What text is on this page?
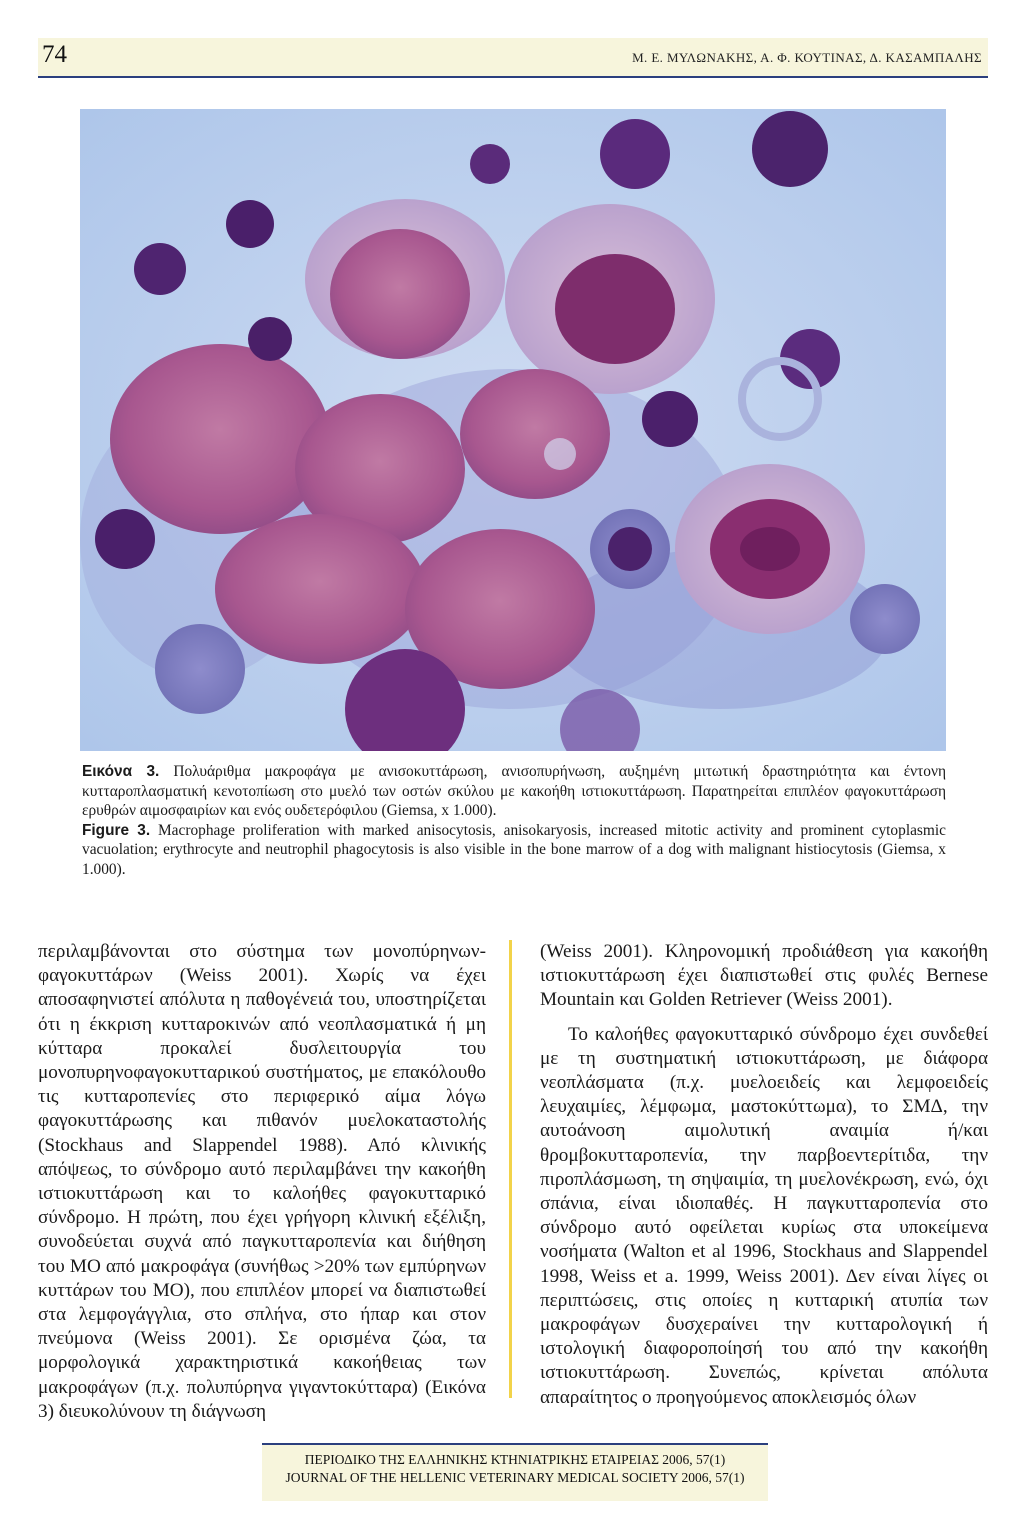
74	Μ. Ε. ΜΥΛΩΝΑΚΗΣ, Α. Φ. ΚΟΥΤΙΝΑΣ, Δ. ΚΑΣΑΜΠΑΛΗΣ

Εικόνα 3. Πολυάριθμα μακροφάγα με ανισοκυττάρωση, ανισοπυρήνωση, αυξημένη μιτωτική δραστηριότητα και έντονη κυτταροπλασματική κενοτοπίωση στο μυελό των οστών σκύλου με κακοήθη ιστιοκυττάρωση. Παρατηρείται επιπλέον φαγοκυττάρωση ερυθρών αιμοσφαιρίων και ενός ουδετερόφιλου (Giemsa, x 1.000).

Figure 3. Macrophage proliferation with marked anisocytosis, anisokaryosis, increased mitotic activity and prominent cytoplasmic vacuolation; erythrocyte and neutrophil phagocytosis is also visible in the bone marrow of a dog with malignant histiocytosis (Giemsa, x 1.000).

περιλαμβάνονται στο σύστημα των μονοπύρηνων-φαγοκυττάρων (Weiss 2001). Χωρίς να έχει αποσαφηνιστεί απόλυτα η παθογένειά του, υποστηρίζεται ότι η έκκριση κυτταροκινών από νεοπλασματικά ή μη κύτταρα προκαλεί δυσλειτουργία του μονοπυρηνοφαγοκυτταρικού συστήματος, με επακόλουθο τις κυτταροπενίες στο περιφερικό αίμα λόγω φαγοκυττάρωσης και πιθανόν μυελοκαταστολής (Stockhaus and Slappendel 1988). Από κλινικής απόψεως, το σύνδρομο αυτό περιλαμβάνει την κακοήθη ιστιοκυττάρωση και το καλοήθες φαγοκυτταρικό σύνδρομο. Η πρώτη, που έχει γρήγορη κλινική εξέλιξη, συνοδεύεται συχνά από παγκυτταροπενία και διήθηση του ΜΟ από μακροφάγα (συνήθως >20% των εμπύρηνων κυττάρων του ΜΟ), που επιπλέον μπορεί να διαπιστωθεί στα λεμφογάγγλια, στο σπλήνα, στο ήπαρ και στον πνεύμονα (Weiss 2001). Σε ορισμένα ζώα, τα μορφολογικά χαρακτηριστικά κακοήθειας των μακροφάγων (π.χ. πολυπύρηνα γιγαντοκύτταρα) (Εικόνα 3) διευκολύνουν τη διάγνωση

(Weiss 2001). Κληρονομική προδιάθεση για κακοήθη ιστιοκυττάρωση έχει διαπιστωθεί στις φυλές Bernese Mountain και Golden Retriever (Weiss 2001).

Το καλοήθες φαγοκυτταρικό σύνδρομο έχει συνδεθεί με τη συστηματική ιστιοκυττάρωση, με διάφορα νεοπλάσματα (π.χ. μυελοειδείς και λεμφοειδείς λευχαιμίες, λέμφωμα, μαστοκύττωμα), το ΣΜΔ, την αυτοάνοση αιμολυτική αναιμία ή/και θρομβοκυτταροπενία, την παρβοεντερίτιδα, την πιροπλάσμωση, τη σηψαιμία, τη μυελονέκρωση, ενώ, όχι σπάνια, είναι ιδιοπαθές. Η παγκυτταροπενία στο σύνδρομο αυτό οφείλεται κυρίως στα υποκείμενα νοσήματα (Walton et al 1996, Stockhaus and Slappendel 1998, Weiss et a. 1999, Weiss 2001). Δεν είναι λίγες οι περιπτώσεις, στις οποίες η κυτταρική ατυπία των μακροφάγων δυσχεραίνει την κυτταρολογική ή ιστολογική διαφοροποίησή του από την κακοήθη ιστιοκυττάρωση. Συνεπώς, κρίνεται απόλυτα απαραίτητος ο προηγούμενος αποκλεισμός όλων

ΠΕΡΙΟΔΙΚΟ ΤΗΣ ΕΛΛΗΝΙΚΗΣ ΚΤΗΝΙΑΤΡΙΚΗΣ ΕΤΑΙΡΕΙΑΣ 2006, 57(1)
JOURNAL OF THE HELLENIC VETERINARY MEDICAL SOCIETY 2006, 57(1)
